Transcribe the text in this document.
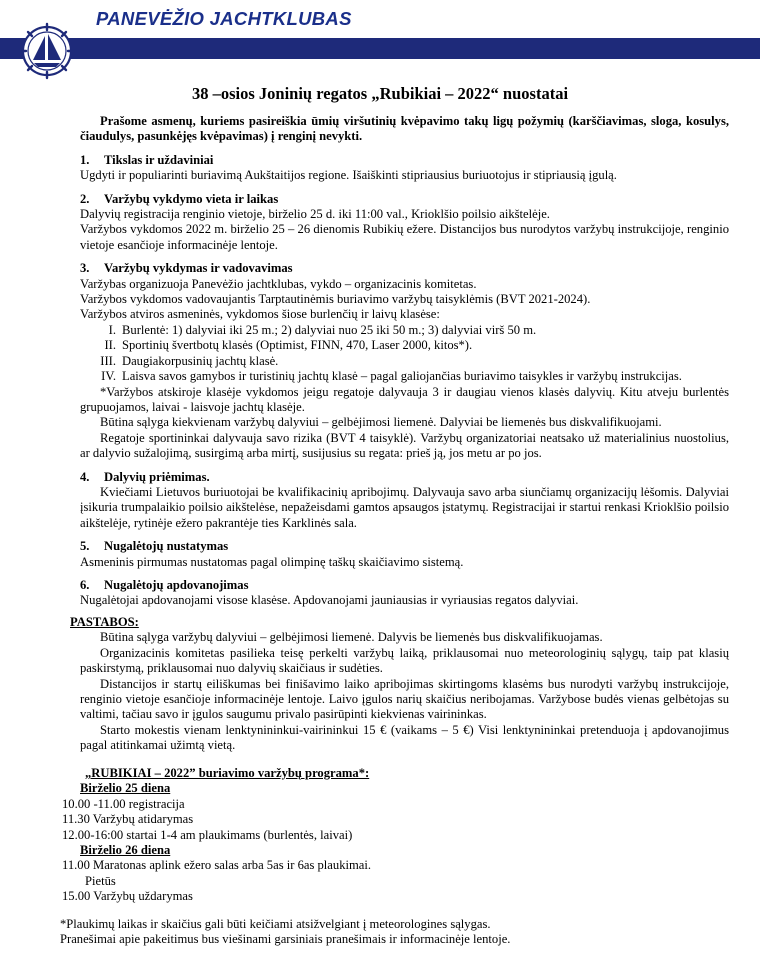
PANEVĖŽIO JACHTKLUBAS
38 –osios Joninių regatos „Rubikiai – 2022“ nuostatai

Prašome asmenų, kuriems pasireiškia ūmių viršutinių kvėpavimo takų ligų požymių (karščiavimas, sloga, kosulys, čiaudulys, pasunkėjęs kvėpavimas) į renginį nevykti.

1. Tikslas ir uždaviniai

Ugdyti ir populiarinti buriavimą Aukštaitijos regione. Išaiškinti stipriausius buriuotojus ir stipriausią įgulą.

2. Varžybų vykdymo vieta ir laikas

Dalyvių registracija renginio vietoje, birželio 25 d. iki 11:00 val., Krioklšio poilsio aikštelėje.

Varžybos vykdomos 2022 m. birželio 25 – 26 dienomis Rubikių ežere. Distancijos bus nurodytos varžybų instrukcijoje, renginio vietoje esančioje informacinėje lentoje.

3. Varžybų vykdymas ir vadovavimas

Varžybas organizuoja Panevėžio jachtklubas, vykdo – organizacinis komitetas.

Varžybos vykdomos vadovaujantis Tarptautinėmis buriavimo varžybų taisyklėmis (BVT 2021-2024).

Varžybos atviros asmeninės, vykdomos šiose burlenčių ir laivų klasėse:

I. Burlentė: 1) dalyviai iki 25 m.; 2) dalyviai nuo 25 iki 50 m.; 3) dalyviai virš 50 m.
II. Sportinių švertbotų klasės (Optimist, FINN, 470, Laser 2000, kitos*).
III. Daugiakorpusinių jachtų klasė.
IV. Laisva savos gamybos ir turistinių jachtų klasė – pagal galiojančias buriavimo taisykles ir varžybų instrukcijas.

*Varžybos atskiroje klasėje vykdomos jeigu regatoje dalyvauja 3 ir daugiau vienos klasės dalyvių. Kitu atveju burlentės grupuojamos, laivai - laisvoje jachtų klasėje.

Būtina sąlyga kiekvienam varžybų dalyviui – gelbėjimosi liemenė. Dalyviai be liemenės bus diskvalifikuojami.

Regatoje sportininkai dalyvauja savo rizika (BVT 4 taisyklė). Varžybų organizatoriai neatsako už materialinius nuostolius, ar dalyvio sužalojimą, susirgimą arba mirtį, susijusius su regata: prieš ją, jos metu ar po jos.

4. Dalyvių priėmimas.

Kviečiami Lietuvos buriuotojai be kvalifikacinių apribojimų. Dalyvauja savo arba siunčiamų organizacijų lėšomis. Dalyviai įsikuria trumpalaikio poilsio aikštelėse, nepažeisdami gamtos apsaugos įstatymų. Registracijai ir startui renkasi Krioklšio poilsio aikštelėje, rytinėje ežero pakrantėje ties Karklinės sala.

5. Nugalėtojų nustatymas

Asmeninis pirmumas nustatomas pagal olimpinę taškų skaičiavimo sistemą.

6. Nugalėtojų apdovanojimas

Nugalėtojai apdovanojami visose klasėse. Apdovanojami jauniausias ir vyriausias regatos dalyviai.

PASTABOS:

Būtina sąlyga varžybų dalyviui – gelbėjimosi liemenė. Dalyvis be liemenės bus diskvalifikuojamas.

Organizacinis komitetas pasilieka teisę perkelti varžybų laiką, priklausomai nuo meteorologinių sąlygų, taip pat klasių paskirstymą, priklausomai nuo dalyvių skaičiaus ir sudėties.

Distancijos ir startų eiliškumas bei finišavimo laiko apribojimas skirtingoms klasėms bus nurodyti varžybų instrukcijoje, renginio vietoje esančioje informacinėje lentoje. Laivo įgulos narių skaičius neribojamas. Varžybose budės vienas gelbėtojas su valtimi, tačiau savo ir įgulos saugumu privalo pasirūpinti kiekvienas vairininkas.

Starto mokestis vienam lenktynininkui-vairininkui 15 € (vaikams – 5 €) Visi lenktynininkai pretenduoja į apdovanojimus pagal atitinkamai užimtą vietą.

„RUBIKIAI – 2022” buriavimo varžybų programa*:

Birželio 25 diena

10.00 -11.00 registracija

11.30 Varžybų atidarymas

12.00-16:00 startai 1-4 am plaukimams (burlentės, laivai)

Birželio 26 diena

11.00 Maratonas aplink ežero salas arba 5as ir 6as plaukimai.

Pietūs

15.00 Varžybų uždarymas

*Plaukimų laikas ir skaičius gali būti keičiami atsižvelgiant į meteorologines sąlygas.

Pranešimai apie pakeitimus bus viešinami garsiniais pranešimais ir informacinėje lentoje.
